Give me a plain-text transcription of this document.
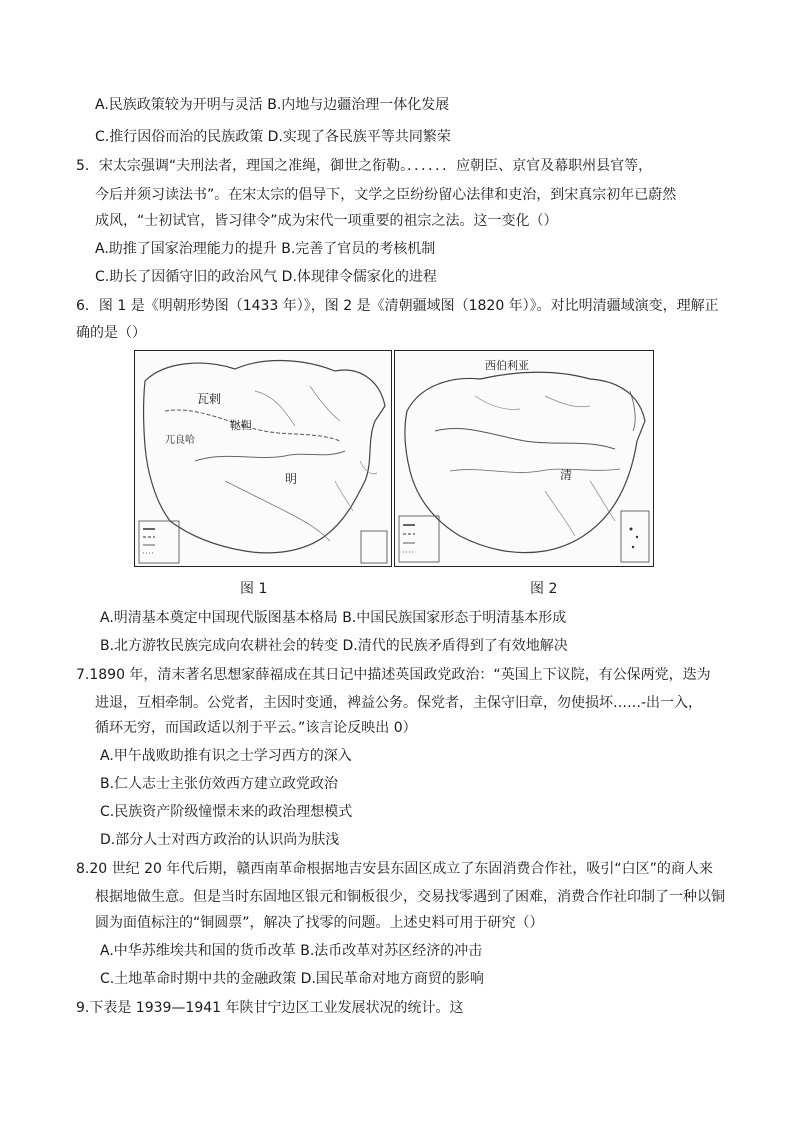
A.民族政策较为开明与灵活 B.内地与边疆治理一体化发展
C.推行因俗而治的民族政策 D.实现了各民族平等共同繁荣
5．宋太宗强调“夫刑法者，理国之准绳，御世之衔勒。．．．．．．应朝臣、京官及幕职州县官等，
今后并须习读法书”。在宋太宗的倡导下，文学之臣纷纷留心法律和吏治，到宋真宗初年已蔚然
成风，“士初试官，皆习律令”成为宋代一项重要的祖宗之法。这一变化（）
A.助推了国家治理能力的提升 B.完善了官员的考核机制
C.助长了因循守旧的政治风气 D.体现律令儒家化的进程
6．图 1 是《明朝形势图（1433 年）》，图 2 是《清朝疆域图（1820 年）》。对比明清疆域演变，理解正
确的是（）
瓦剌
鞑靼
兀良哈
明
西伯利亚
清
图 1	图 2
A.明清基本奠定中国现代版图基本格局 B.中国民族国家形态于明清基本形成
B.北方游牧民族完成向农耕社会的转变 D.清代的民族矛盾得到了有效地解决
7.1890 年，清末著名思想家薛福成在其日记中描述英国政党政治：“英国上下议院，有公保两党，迭为
进退，互相牵制。公党者，主因时变通，裨益公务。保党者，主保守旧章，勿使损坏……-出一入，
循环无穷，而国政适以剂于平云。”该言论反映出 0）
A.甲午战败助推有识之士学习西方的深入
B.仁人志士主张仿效西方建立政党政治
C.民族资产阶级憧憬未来的政治理想模式
D.部分人士对西方政治的认识尚为肤浅
8.20 世纪 20 年代后期，赣西南革命根据地吉安县东固区成立了东固消费合作社，吸引“白区”的商人来
根据地做生意。但是当时东固地区银元和铜板很少，交易找零遇到了困难，消费合作社印制了一种以铜
圆为面值标注的“铜圆票”，解决了找零的问题。上述史料可用于研究（）
A.中华苏维埃共和国的货币改革 B.法币改革对苏区经济的冲击
C.土地革命时期中共的金融政策 D.国民革命对地方商贸的影响
9.下表是 1939—1941 年陕甘宁边区工业发展状况的统计。这
